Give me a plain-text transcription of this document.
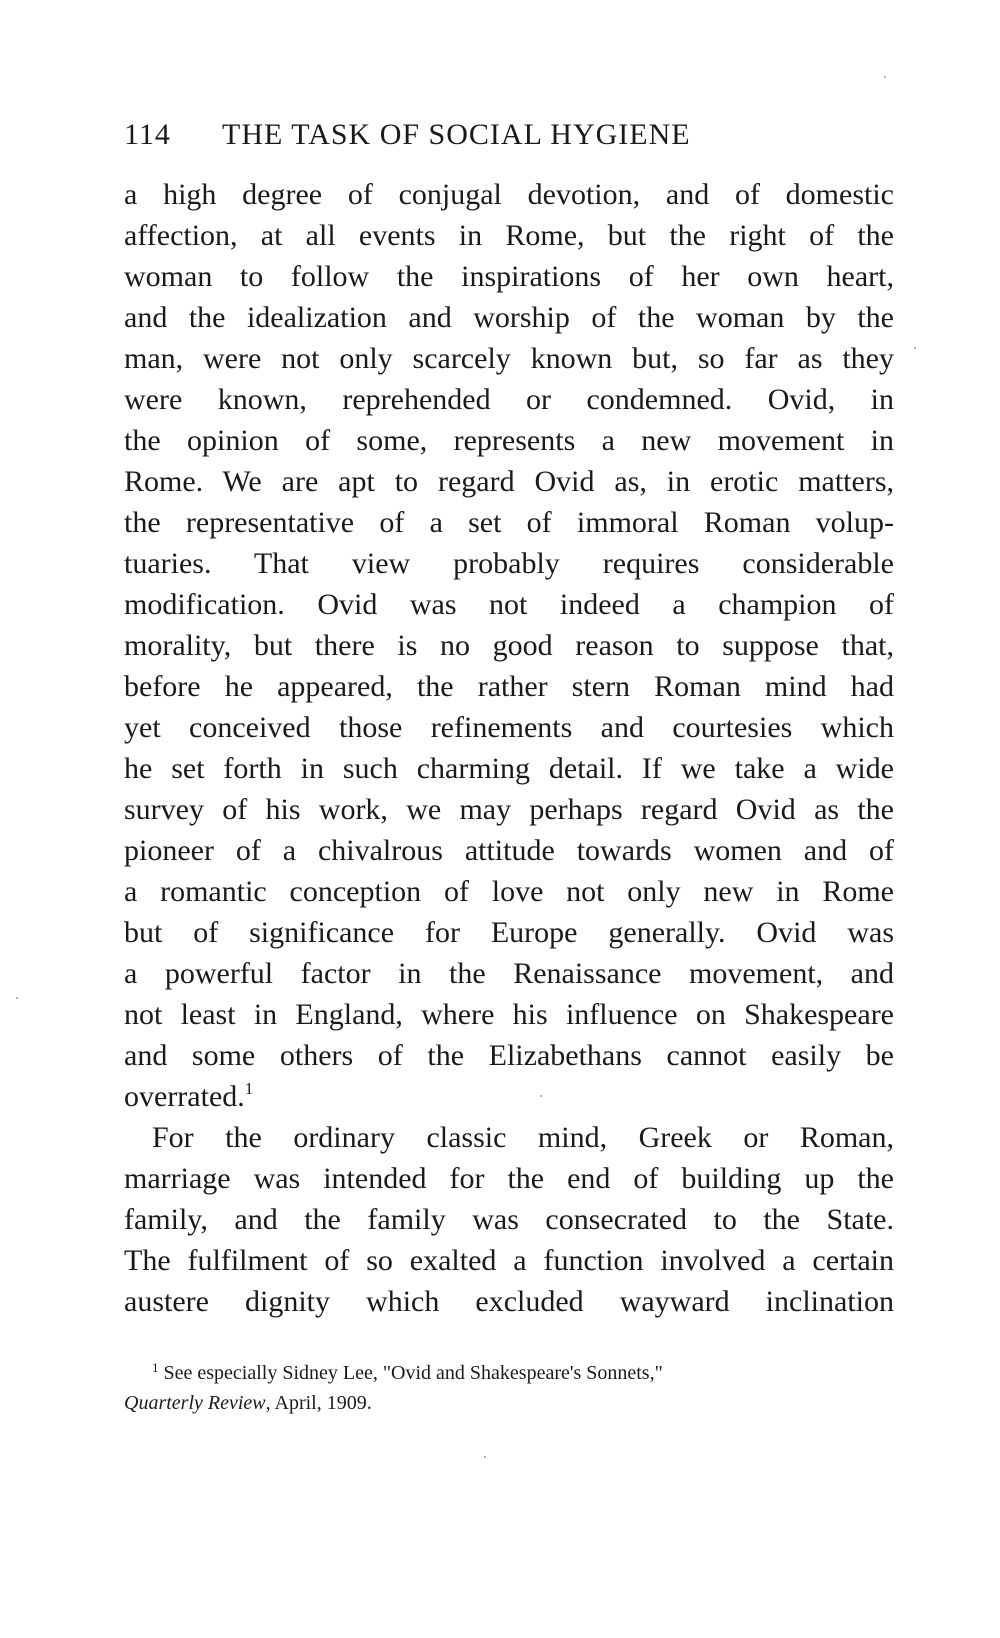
114 THE TASK OF SOCIAL HYGIENE
a high degree of conjugal devotion, and of domestic
affection, at all events in Rome, but the right of the
woman to follow the inspirations of her own heart,
and the idealization and worship of the woman by the
man, were not only scarcely known but, so far as they
were known, reprehended or condemned. Ovid, in
the opinion of some, represents a new movement in
Rome. We are apt to regard Ovid as, in erotic matters,
the representative of a set of immoral Roman volup-
tuaries. That view probably requires considerable
modification. Ovid was not indeed a champion of
morality, but there is no good reason to suppose that,
before he appeared, the rather stern Roman mind had
yet conceived those refinements and courtesies which
he set forth in such charming detail. If we take a wide
survey of his work, we may perhaps regard Ovid as the
pioneer of a chivalrous attitude towards women and of
a romantic conception of love not only new in Rome
but of significance for Europe generally. Ovid was
a powerful factor in the Renaissance movement, and
not least in England, where his influence on Shakespeare
and some others of the Elizabethans cannot easily be
overrated.$^1$
For the ordinary classic mind, Greek or Roman,
marriage was intended for the end of building up the
family, and the family was consecrated to the State.
The fulfilment of so exalted a function involved a certain
austere dignity which excluded wayward inclination
$^1$ See especially Sidney Lee, "Ovid and Shakespeare's Sonnets,"
Quarterly Review, April, 1909.
